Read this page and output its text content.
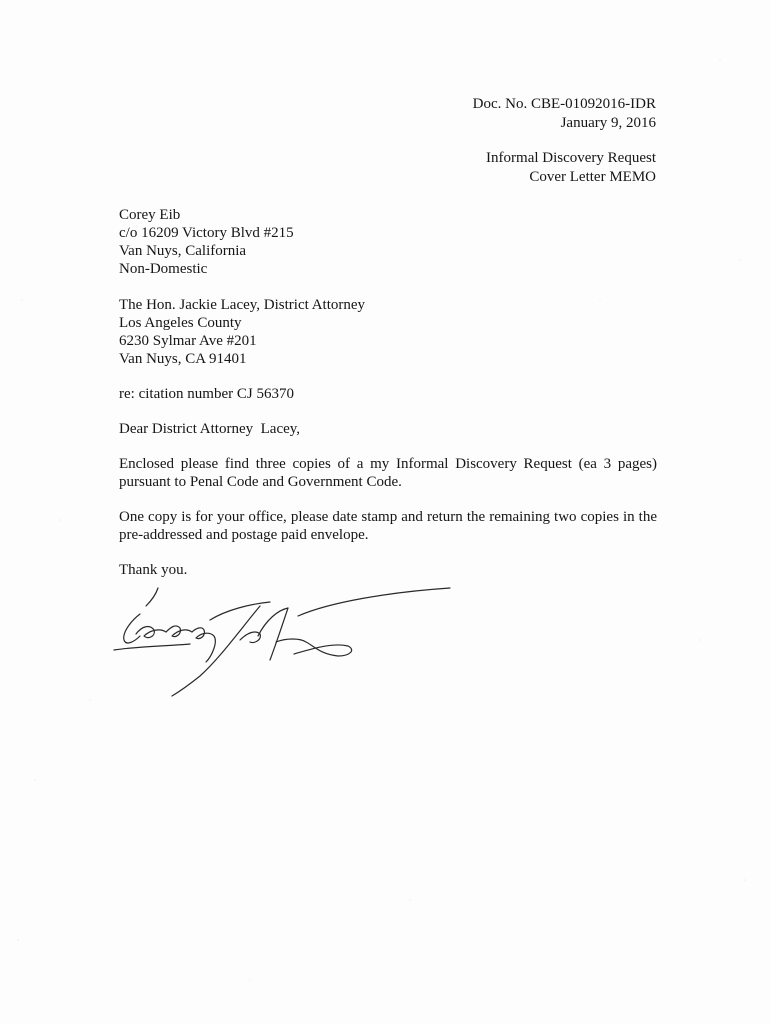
Doc. No. CBE-01092016-IDR
January 9, 2016
Informal Discovery Request
Cover Letter MEMO
Corey Eib
c/o 16209 Victory Blvd #215
Van Nuys, California
Non-Domestic
The Hon. Jackie Lacey, District Attorney
Los Angeles County
6230 Sylmar Ave #201
Van Nuys, CA 91401

re: citation number CJ 56370

Dear District Attorney  Lacey,

Enclosed please find three copies of a my Informal Discovery Request (ea 3 pages) pursuant to Penal Code and Government Code.

One copy is for your office, please date stamp and return the remaining two copies in the pre-addressed and postage paid envelope.

Thank you.
